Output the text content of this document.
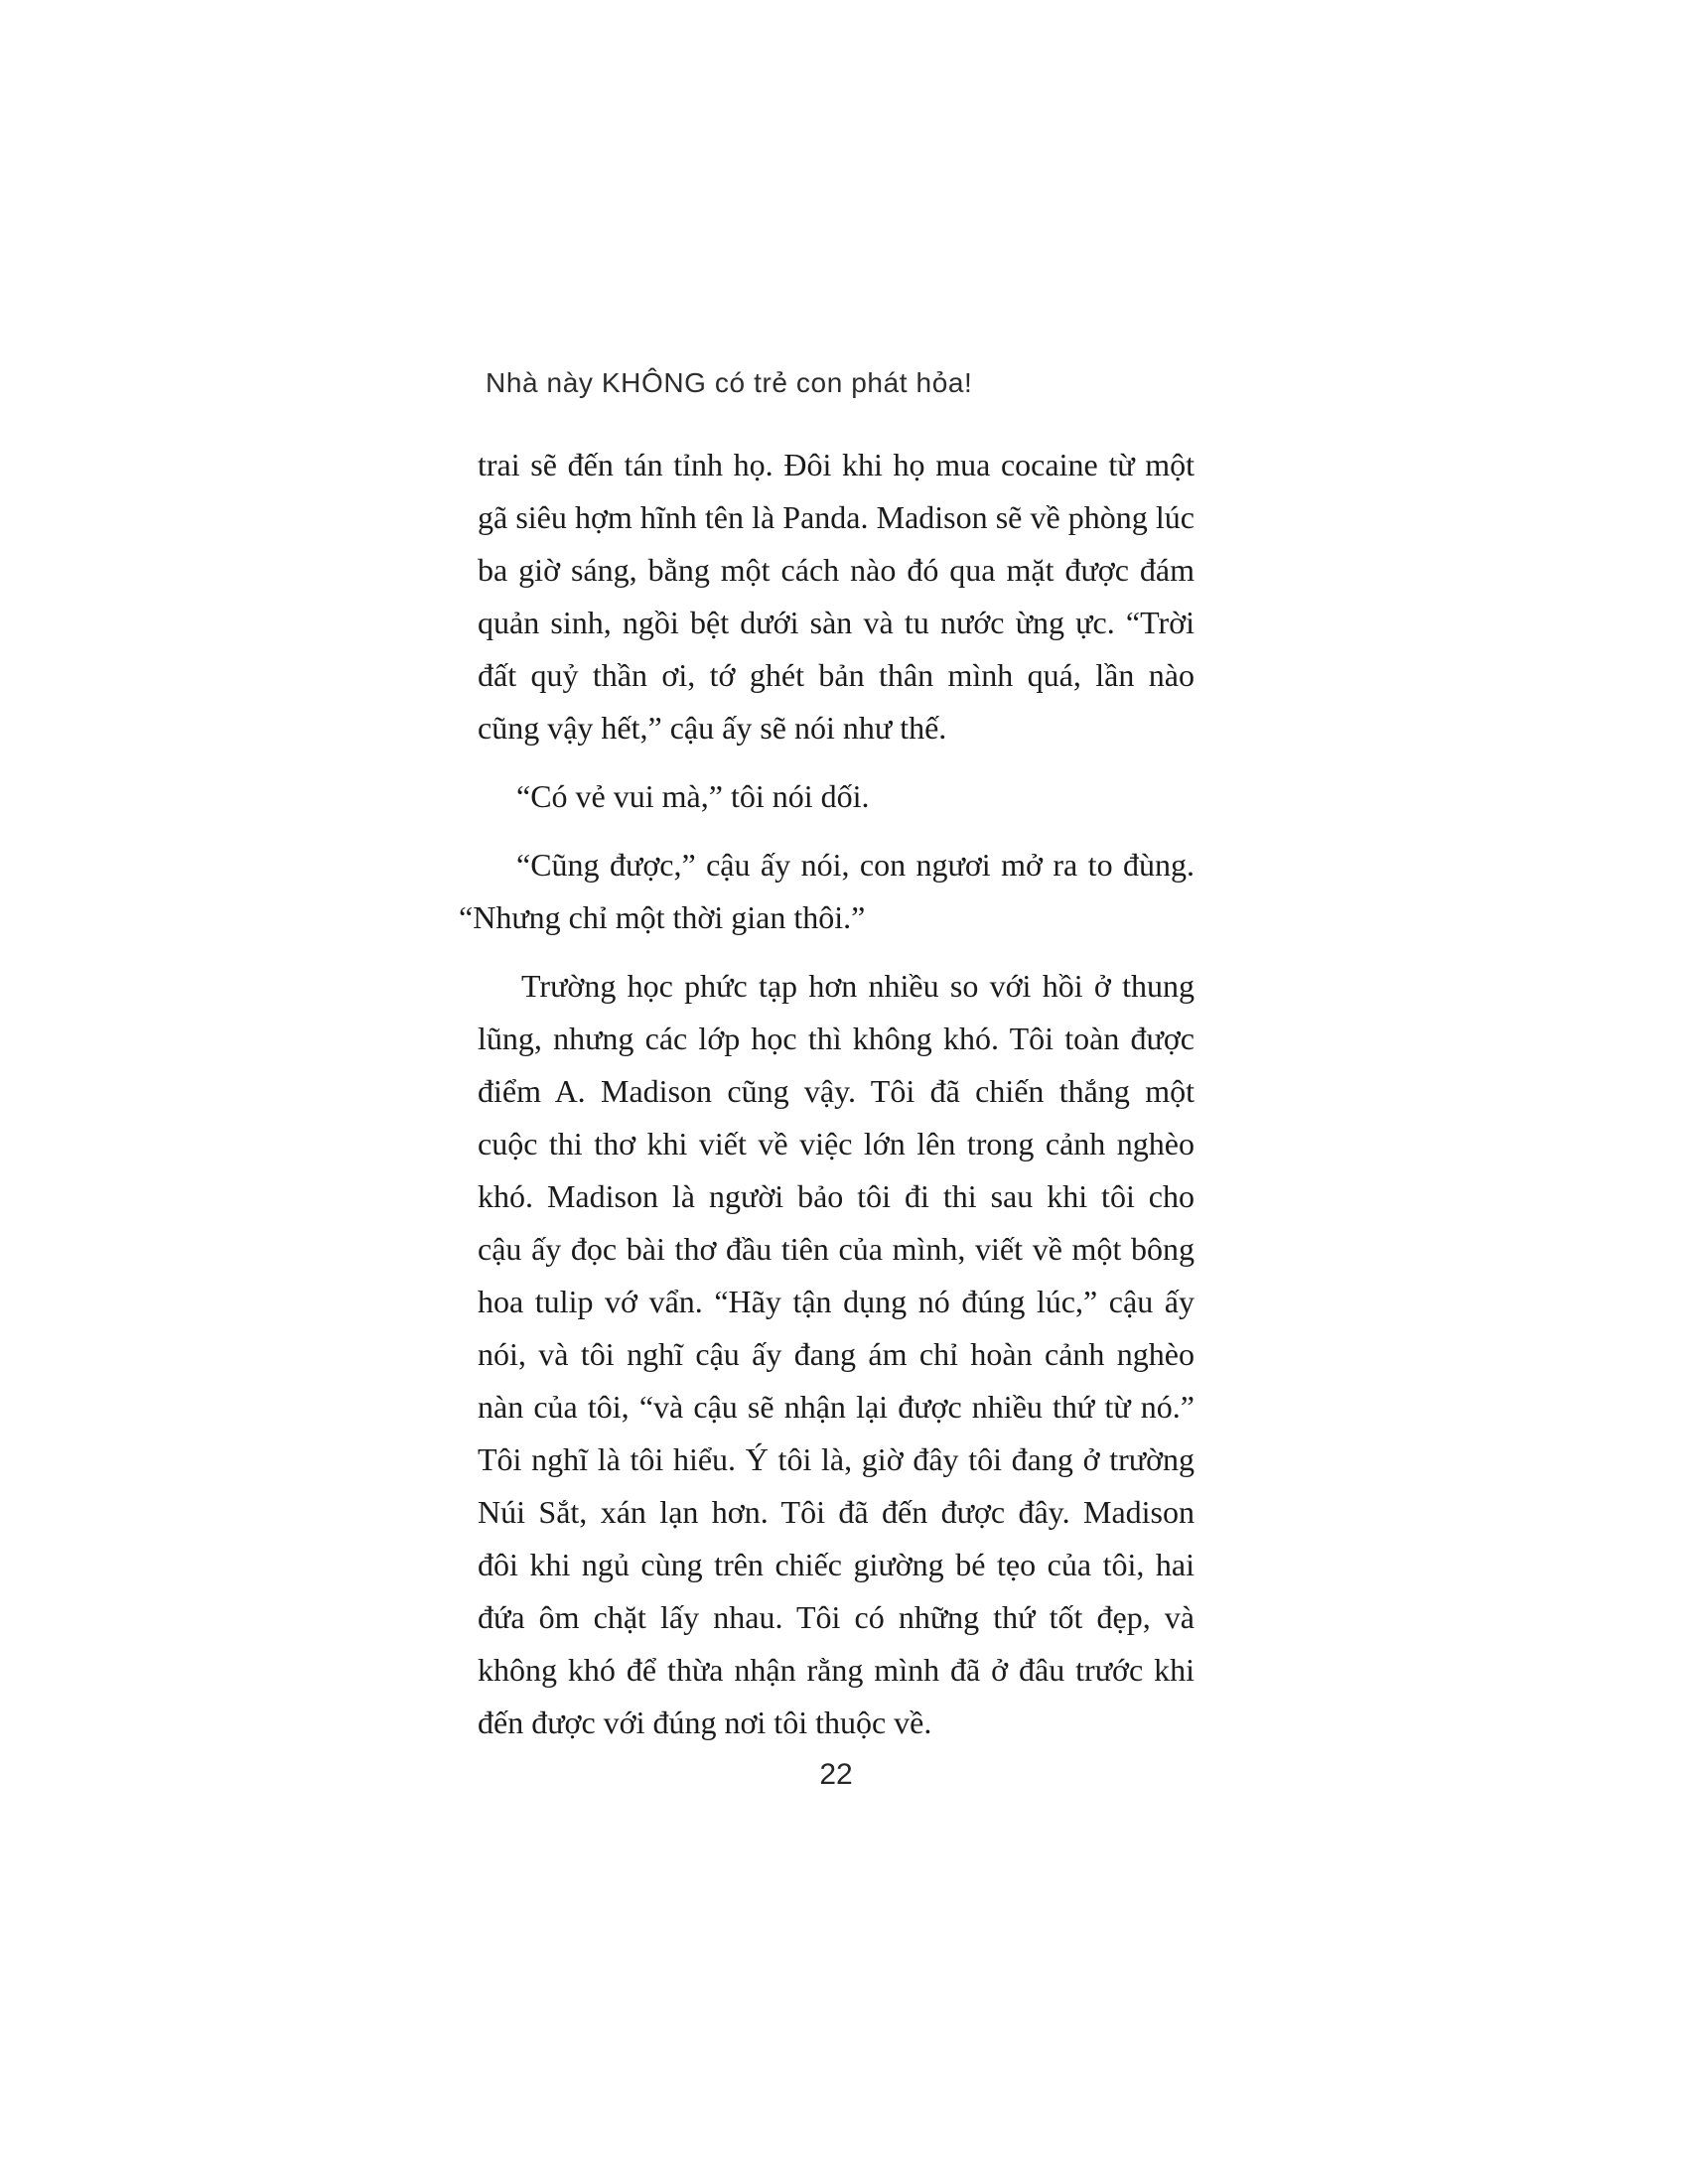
Nhà này KHÔNG có trẻ con phát hỏa!
trai sẽ đến tán tỉnh họ. Đôi khi họ mua cocaine từ một
gã siêu hợm hĩnh tên là Panda. Madison sẽ về phòng lúc
ba giờ sáng, bằng một cách nào đó qua mặt được đám
quản sinh, ngồi bệt dưới sàn và tu nước ừng ực. “Trời
đất quỷ thần ơi, tớ ghét bản thân mình quá, lần nào
cũng vậy hết,” cậu ấy sẽ nói như thế.
“Có vẻ vui mà,” tôi nói dối.
“Cũng được,” cậu ấy nói, con ngươi mở ra to đùng.
“Nhưng chỉ một thời gian thôi.”
Trường học phức tạp hơn nhiều so với hồi ở thung
lũng, nhưng các lớp học thì không khó. Tôi toàn được
điểm A. Madison cũng vậy. Tôi đã chiến thắng một
cuộc thi thơ khi viết về việc lớn lên trong cảnh nghèo
khó. Madison là người bảo tôi đi thi sau khi tôi cho
cậu ấy đọc bài thơ đầu tiên của mình, viết về một bông
hoa tulip vớ vẩn. “Hãy tận dụng nó đúng lúc,” cậu ấy
nói, và tôi nghĩ cậu ấy đang ám chỉ hoàn cảnh nghèo
nàn của tôi, “và cậu sẽ nhận lại được nhiều thứ từ nó.”
Tôi nghĩ là tôi hiểu. Ý tôi là, giờ đây tôi đang ở trường
Núi Sắt, xán lạn hơn. Tôi đã đến được đây. Madison
đôi khi ngủ cùng trên chiếc giường bé tẹo của tôi, hai
đứa ôm chặt lấy nhau. Tôi có những thứ tốt đẹp, và
không khó để thừa nhận rằng mình đã ở đâu trước khi
đến được với đúng nơi tôi thuộc về.
22
